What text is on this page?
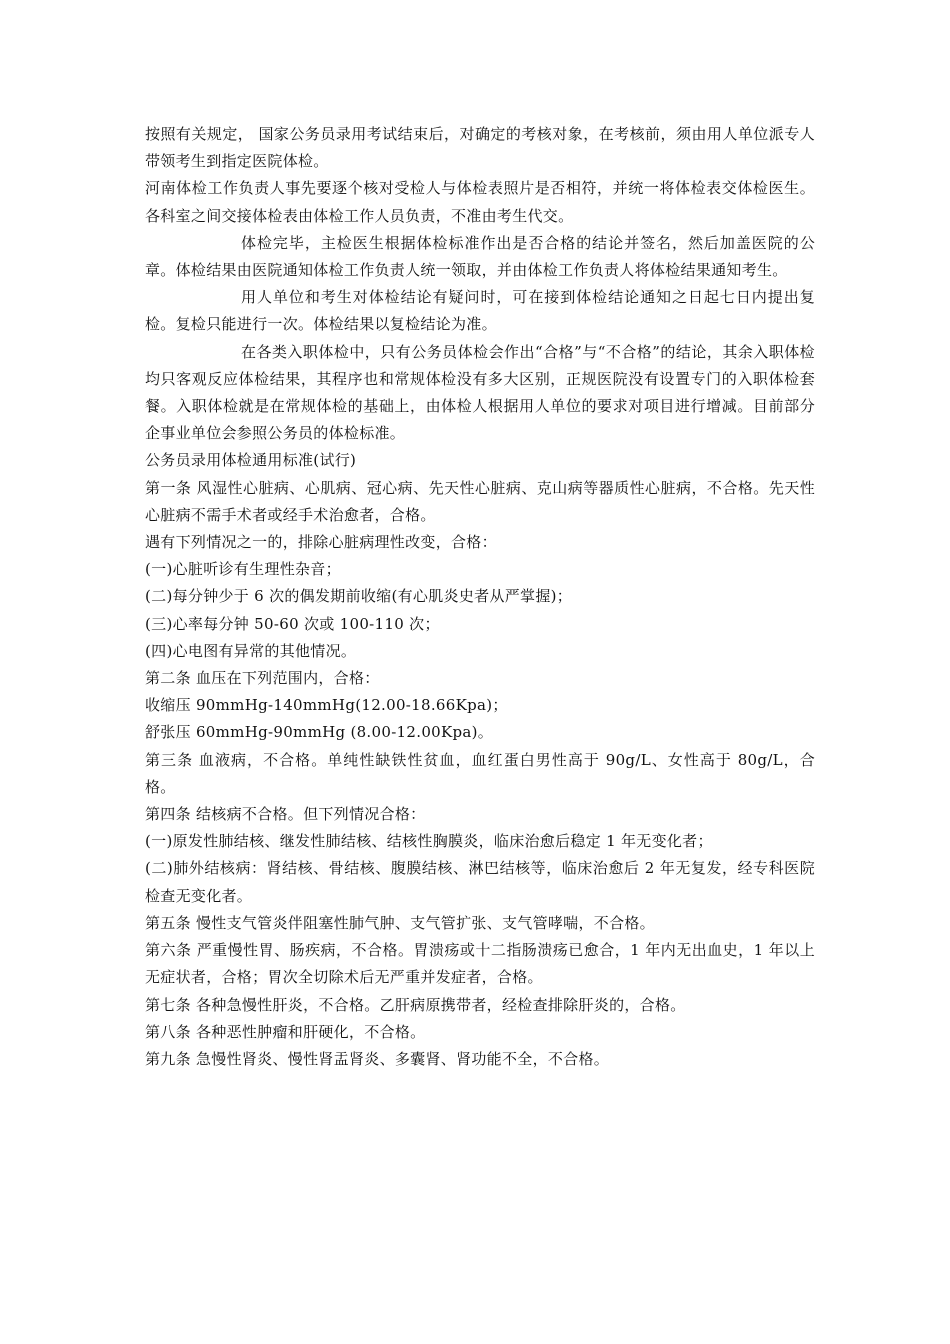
按照有关规定， 国家公务员录用考试结束后，对确定的考核对象，在考核前，须由用人单位派专人带领考生到指定医院体检。

河南体检工作负责人事先要逐个核对受检人与体检表照片是否相符，并统一将体检表交体检医生。各科室之间交接体检表由体检工作人员负责，不准由考生代交。

体检完毕，主检医生根据体检标准作出是否合格的结论并签名，然后加盖医院的公章。体检结果由医院通知体检工作负责人统一领取，并由体检工作负责人将体检结果通知考生。

用人单位和考生对体检结论有疑问时，可在接到体检结论通知之日起七日内提出复检。复检只能进行一次。体检结果以复检结论为准。

在各类入职体检中，只有公务员体检会作出“合格”与“不合格”的结论，其余入职体检均只客观反应体检结果，其程序也和常规体检没有多大区别，正规医院没有设置专门的入职体检套餐。入职体检就是在常规体检的基础上，由体检人根据用人单位的要求对项目进行增减。目前部分企事业单位会参照公务员的体检标准。

公务员录用体检通用标准(试行)

第一条 风湿性心脏病、心肌病、冠心病、先天性心脏病、克山病等器质性心脏病，不合格。先天性心脏病不需手术者或经手术治愈者，合格。

遇有下列情况之一的，排除心脏病理性改变，合格：

(一)心脏听诊有生理性杂音；

(二)每分钟少于 6 次的偶发期前收缩(有心肌炎史者从严掌握)；

(三)心率每分钟 50-60 次或 100-110 次；

(四)心电图有异常的其他情况。

第二条 血压在下列范围内，合格：

收缩压 90mmHg-140mmHg(12.00-18.66Kpa)；

舒张压 60mmHg-90mmHg (8.00-12.00Kpa)。

第三条 血液病，不合格。单纯性缺铁性贫血，血红蛋白男性高于 90g/L、女性高于 80g/L，合格。

第四条 结核病不合格。但下列情况合格：

(一)原发性肺结核、继发性肺结核、结核性胸膜炎，临床治愈后稳定 1 年无变化者；

(二)肺外结核病：肾结核、骨结核、腹膜结核、淋巴结核等，临床治愈后 2 年无复发，经专科医院检查无变化者。

第五条 慢性支气管炎伴阻塞性肺气肿、支气管扩张、支气管哮喘，不合格。

第六条 严重慢性胃、肠疾病，不合格。胃溃疡或十二指肠溃疡已愈合，1 年内无出血史，1 年以上无症状者，合格；胃次全切除术后无严重并发症者，合格。

第七条 各种急慢性肝炎，不合格。乙肝病原携带者，经检查排除肝炎的，合格。

第八条 各种恶性肿瘤和肝硬化，不合格。

第九条 急慢性肾炎、慢性肾盂肾炎、多囊肾、肾功能不全，不合格。
